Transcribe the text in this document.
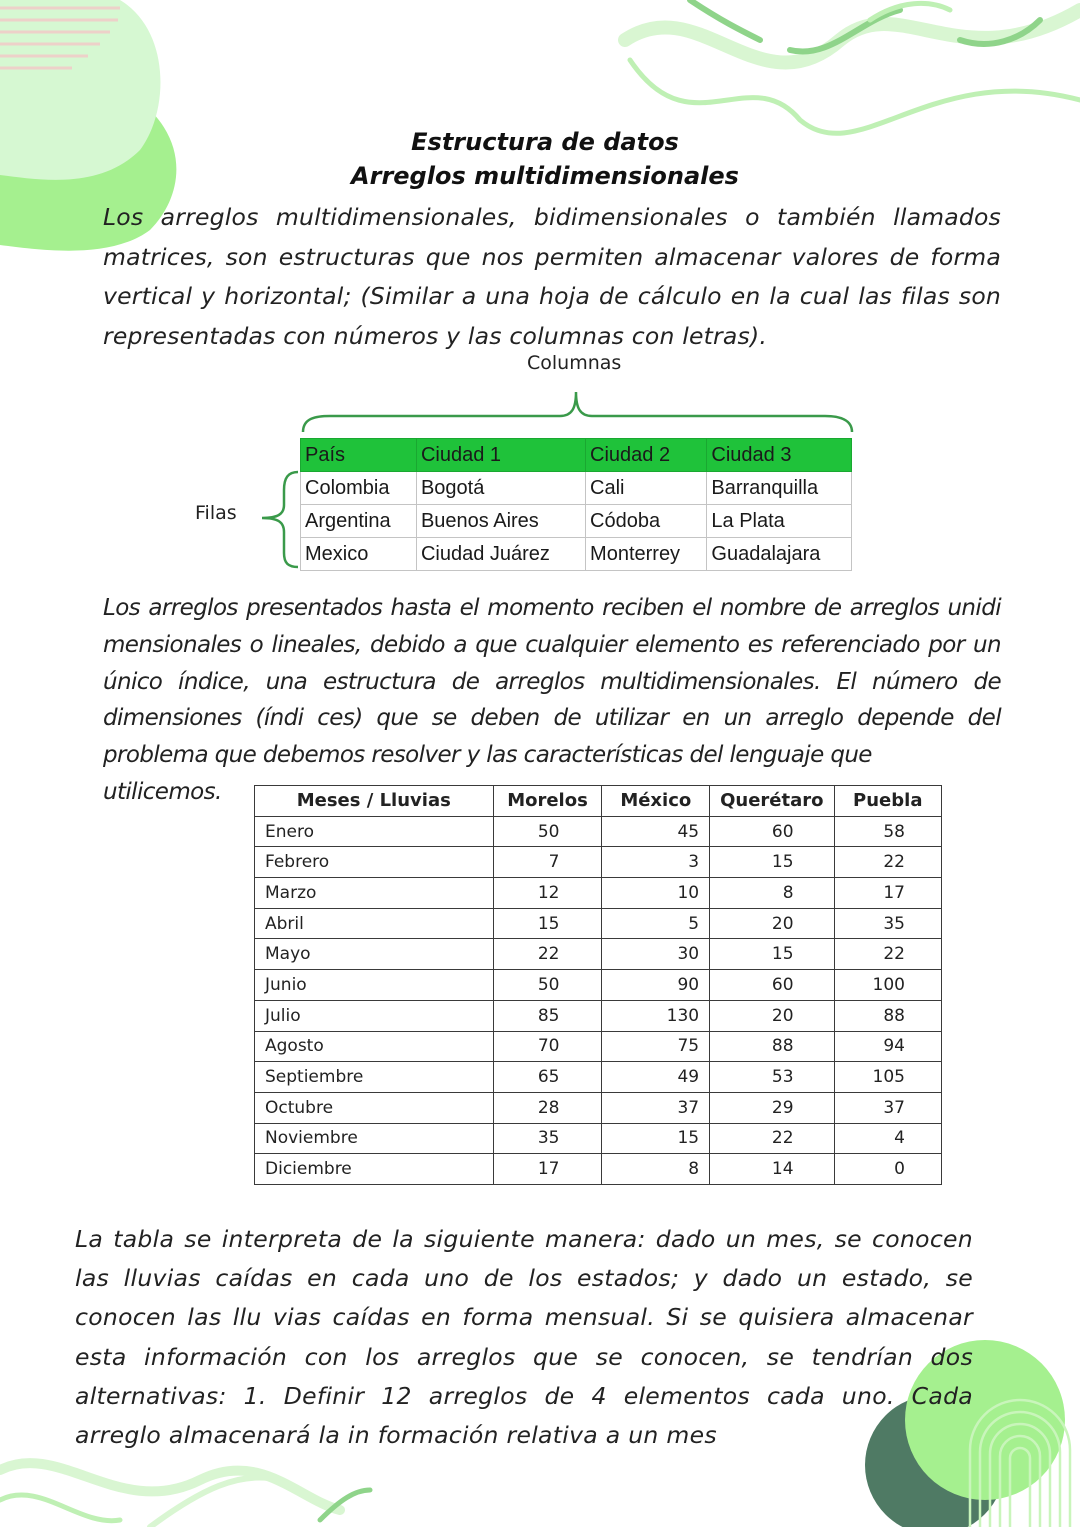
Estructura de datos
Arreglos multidimensionales

Los arreglos multidimensionales, bidimensionales o también llamados matrices, son estructuras que nos permiten almacenar valores de forma vertical y horizontal; (Similar a una hoja de cálculo en la cual las filas son representadas con números y las columnas con letras).

Columnas
Filas
País	Ciudad 1	Ciudad 2	Ciudad 3
Colombia	Bogotá	Cali	Barranquilla
Argentina	Buenos Aires	Códoba	La Plata
Mexico	Ciudad Juárez	Monterrey	Guadalajara

Los arreglos presentados hasta el momento reciben el nombre de arreglos unidi mensionales o lineales, debido a que cualquier elemento es referenciado por un único índice, una estructura de arreglos multidimensionales. El número de dimensiones (índi ces) que se deben de utilizar en un arreglo depende del problema que debemos resolver y las características del lenguaje que

utilicemos.	Meses / Lluvias	Morelos	México	Querétaro	Puebla
Enero	50	45	60	58
Febrero	7	3	15	22
Marzo	12	10	8	17
Abril	15	5	20	35
Mayo	22	30	15	22
Junio	50	90	60	100
Julio	85	130	20	88
Agosto	70	75	88	94
Septiembre	65	49	53	105
Octubre	28	37	29	37
Noviembre	35	15	22	4
Diciembre	17	8	14	0

La tabla se interpreta de la siguiente manera: dado un mes, se conocen las lluvias caídas en cada uno de los estados; y dado un estado, se conocen las llu vias caídas en forma mensual. Si se quisiera almacenar esta información con los arreglos que se conocen, se tendrían dos alternativas: 1. Definir 12 arreglos de 4 elementos cada uno. Cada arreglo almacenará la in formación relativa a un mes
